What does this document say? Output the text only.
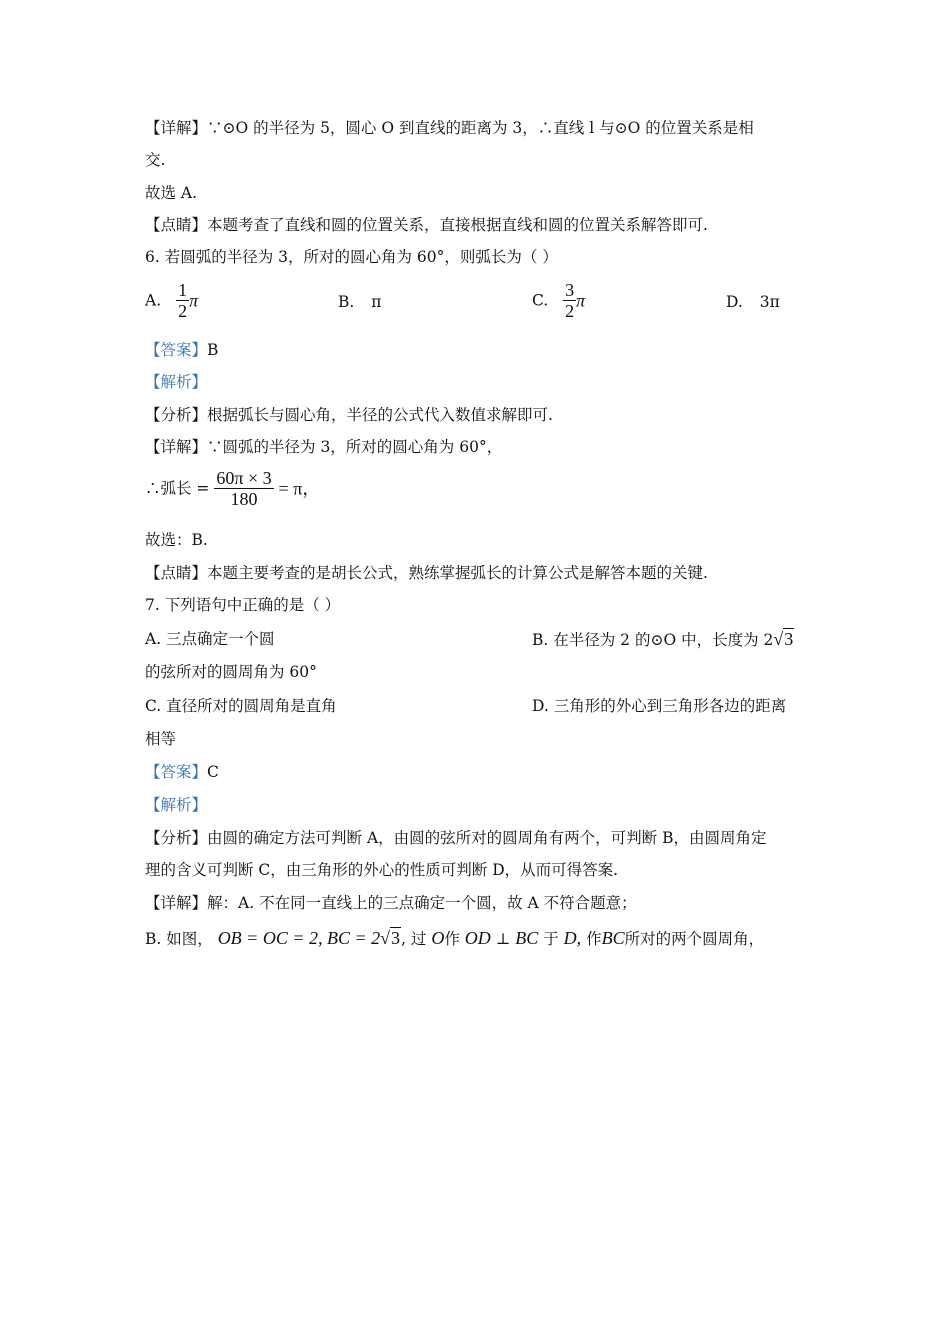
【详解】∵⊙O 的半径为 5，圆心 O 到直线的距离为 3，∴直线 l 与⊙O 的位置关系是相
交.
故选 A.
【点睛】本题考查了直线和圆的位置关系，直接根据直线和圆的位置关系解答即可.
6. 若圆弧的半径为 3，所对的圆心角为 60°，则弧长为（ ）
A. $\frac{1}{2}$ π	B. π	C. $\frac{3}{2}$ π	D. 3π
【答案】B
【解析】
【分析】根据弧长与圆心角，半径的公式代入数值求解即可.
【详解】∵圆弧的半径为 3，所对的圆心角为 60°，
∴弧长 = $\frac{60\pi \times 3}{180} = \pi$，
故选：B.
【点睛】本题主要考查的是胡长公式，熟练掌握弧长的计算公式是解答本题的关键.
7. 下列语句中正确的是（ ）
A. 三点确定一个圆	B. 在半径为 2 的⊙O 中，长度为 2√3
的弦所对的圆周角为 60°
C. 直径所对的圆周角是直角	D. 三角形的外心到三角形各边的距离
相等
【答案】C
【解析】
【分析】由圆的确定方法可判断 A，由圆的弦所对的圆周角有两个，可判断 B，由圆周角定
理的含义可判断 C，由三角形的外心的性质可判断 D，从而可得答案.
【详解】解：A. 不在同一直线上的三点确定一个圆，故 A 不符合题意；
B. 如图， OB = OC = 2, BC = 2√3, 过 O作 OD ⊥ BC 于 D, 作BC所对的两个圆周角，
